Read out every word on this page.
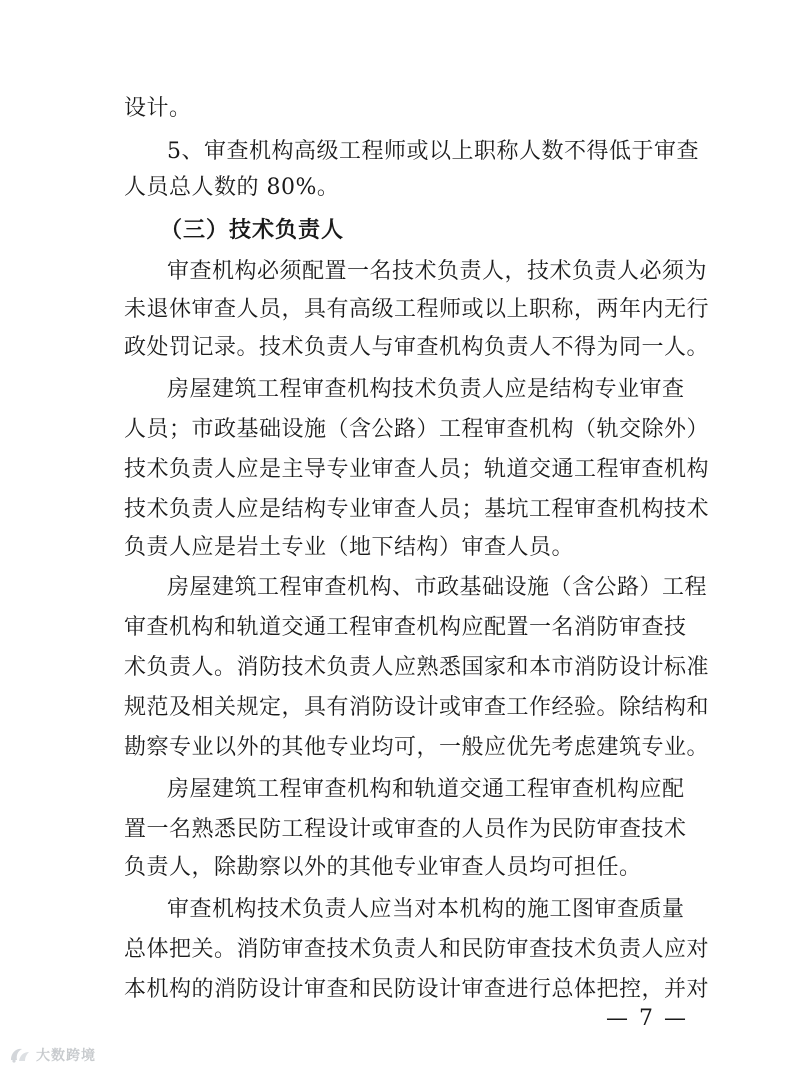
设计。
5、审查机构高级工程师或以上职称人数不得低于审查
人员总人数的 80%。
（三）技术负责人
审查机构必须配置一名技术负责人，技术负责人必须为
未退休审查人员，具有高级工程师或以上职称，两年内无行
政处罚记录。技术负责人与审查机构负责人不得为同一人。
房屋建筑工程审查机构技术负责人应是结构专业审查
人员；市政基础设施（含公路）工程审查机构（轨交除外）
技术负责人应是主导专业审查人员；轨道交通工程审查机构
技术负责人应是结构专业审查人员；基坑工程审查机构技术
负责人应是岩土专业（地下结构）审查人员。
房屋建筑工程审查机构、市政基础设施（含公路）工程
审查机构和轨道交通工程审查机构应配置一名消防审查技
术负责人。消防技术负责人应熟悉国家和本市消防设计标准
规范及相关规定，具有消防设计或审查工作经验。除结构和
勘察专业以外的其他专业均可，一般应优先考虑建筑专业。
房屋建筑工程审查机构和轨道交通工程审查机构应配
置一名熟悉民防工程设计或审查的人员作为民防审查技术
负责人，除勘察以外的其他专业审查人员均可担任。
审查机构技术负责人应当对本机构的施工图审查质量
总体把关。消防审查技术负责人和民防审查技术负责人应对
本机构的消防设计审查和民防设计审查进行总体把控，并对
— 7 —
大数跨境
